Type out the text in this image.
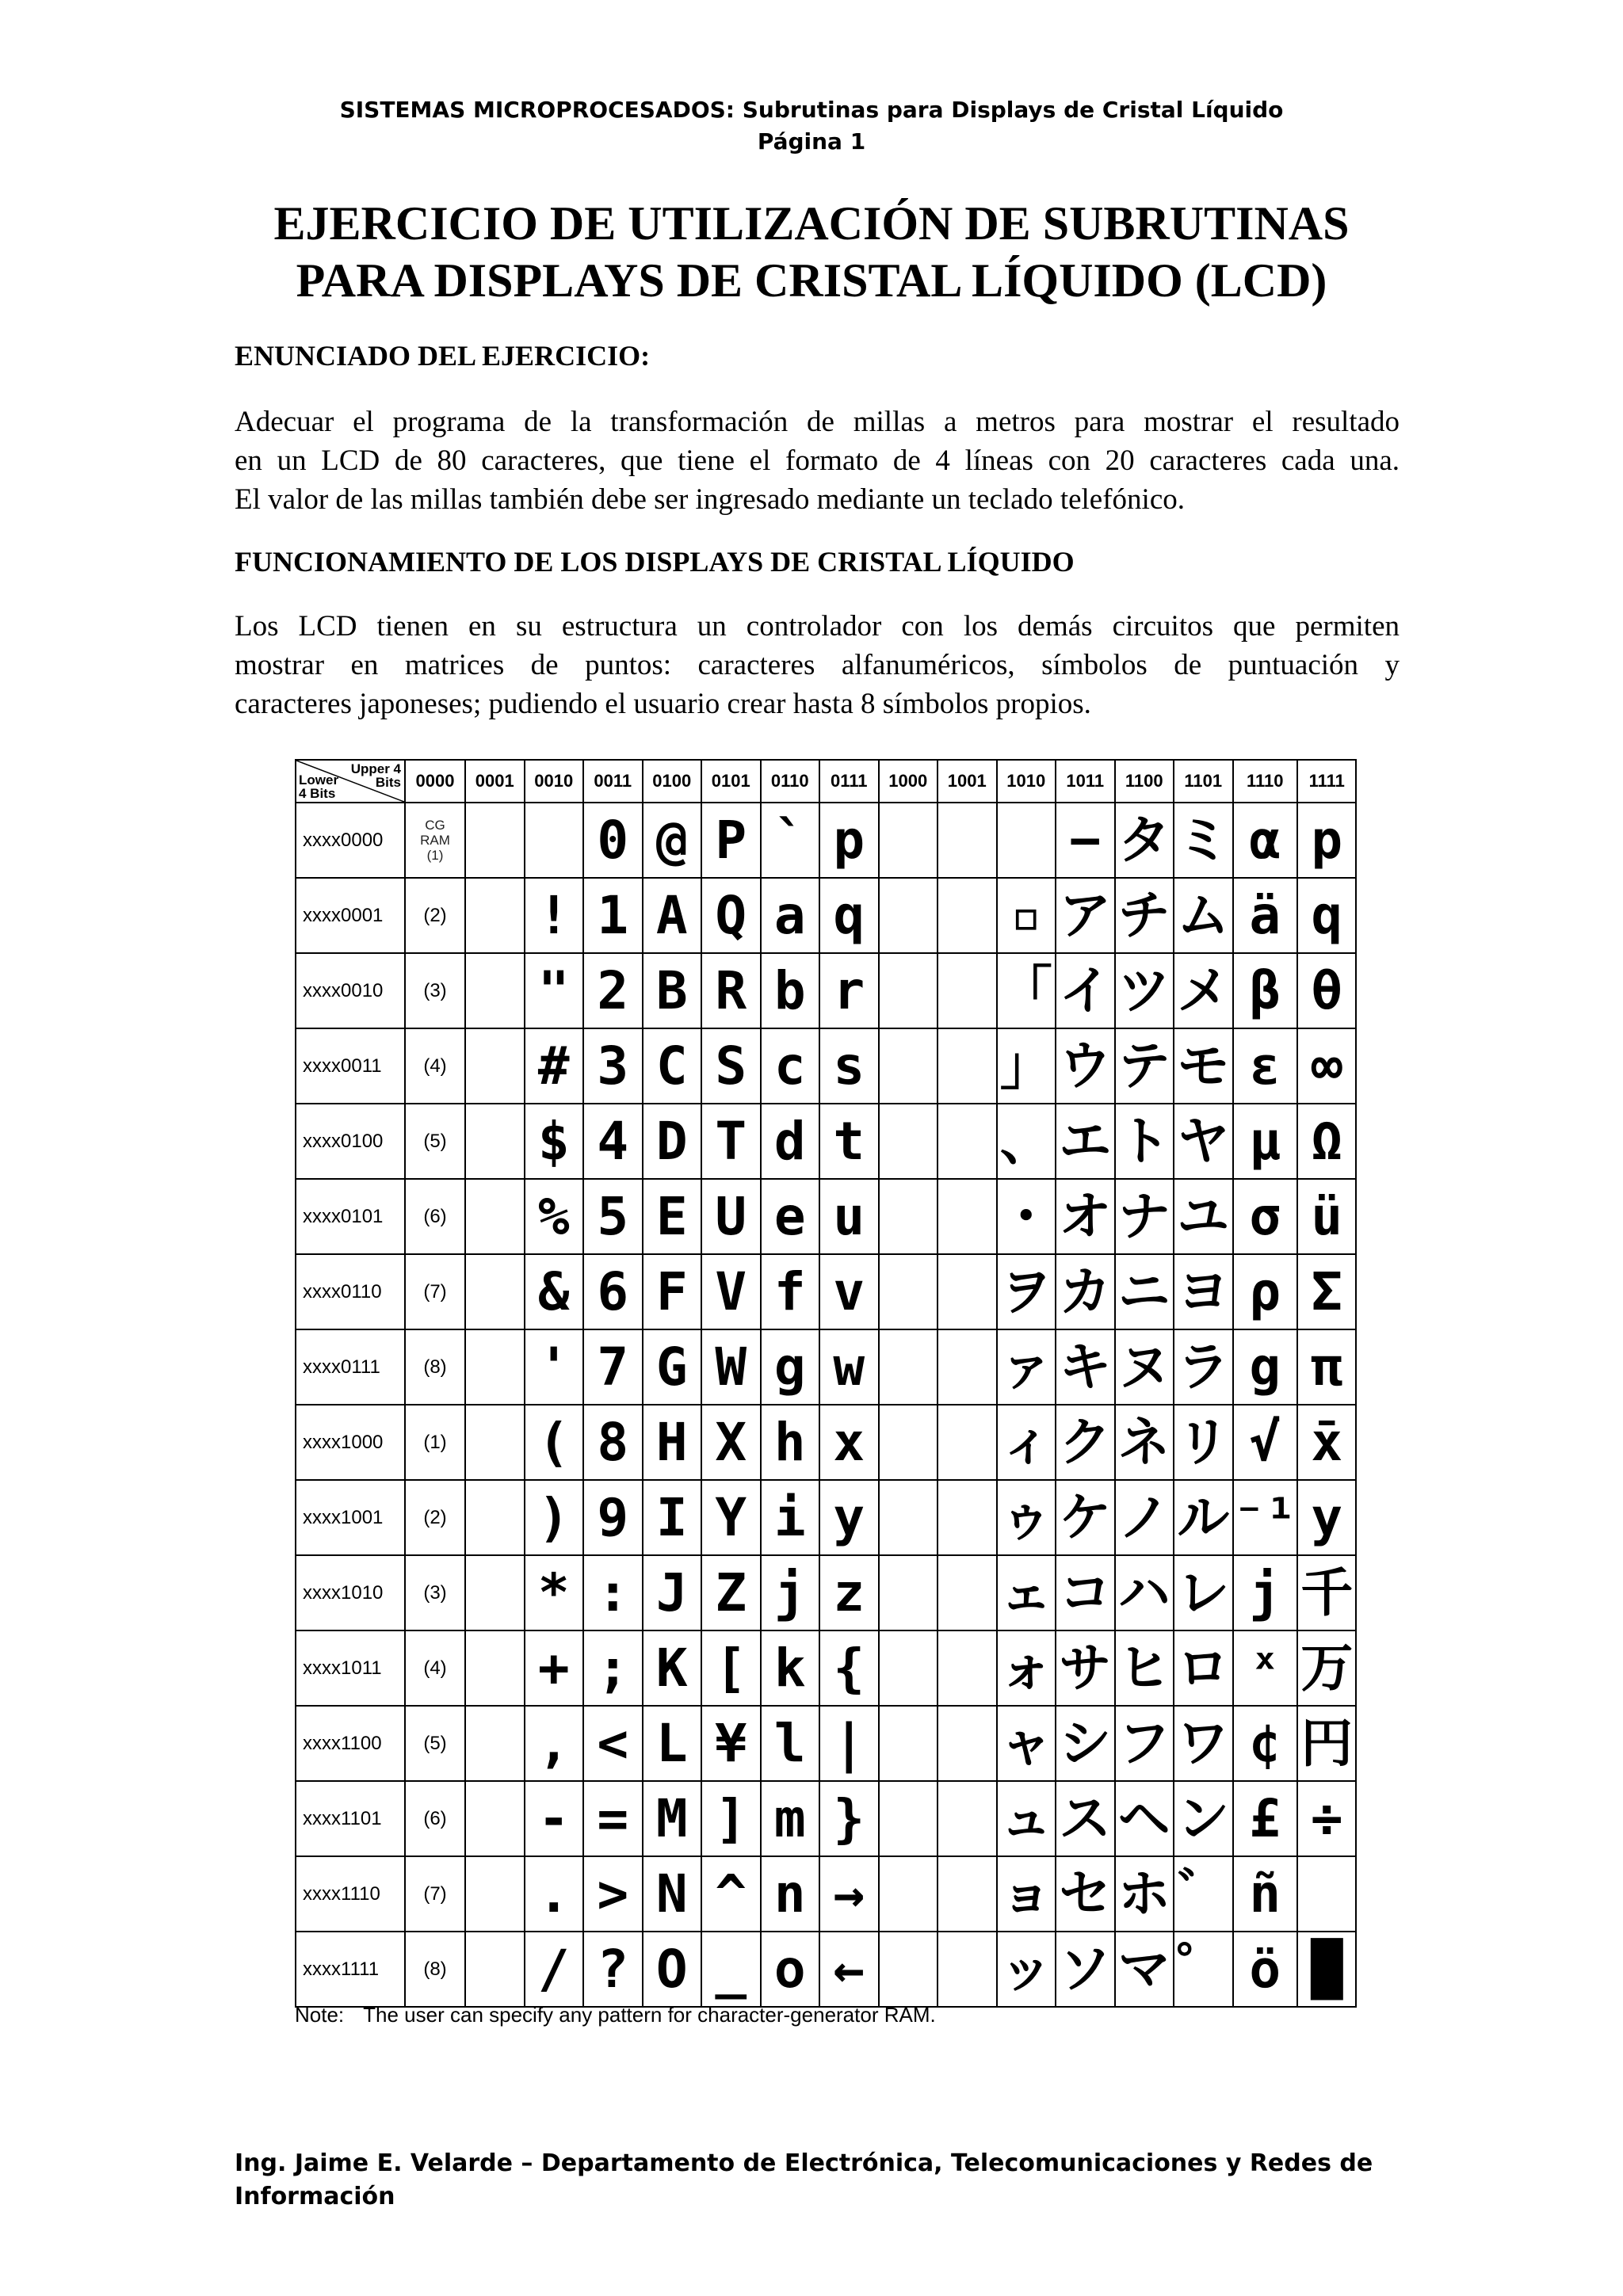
SISTEMAS MICROPROCESADOS: Subrutinas para Displays de Cristal Líquido
Página 1
EJERCICIO DE UTILIZACIÓN DE SUBRUTINAS
PARA DISPLAYS DE CRISTAL LÍQUIDO (LCD)
ENUNCIADO DEL EJERCICIO:
Adecuar el programa de la transformación de millas a metros para mostrar el resultado
en un LCD de 80 caracteres, que tiene el formato de 4 líneas con 20 caracteres cada una.
El valor de las millas también debe ser ingresado mediante un teclado telefónico.
FUNCIONAMIENTO DE LOS DISPLAYS DE CRISTAL LÍQUIDO
Los LCD tienen en su estructura un controlador con los demás circuitos que permiten
mostrar en matrices de puntos: caracteres alfanuméricos, símbolos de puntuación y
caracteres japoneses; pudiendo el usuario crear hasta 8 símbolos propios.
Upper 4
Bits
Lower
4 Bits	0000	0001	0010	0011	0100	0101	0110	0111	1000	1001	1010	1011	1100	1101	1110	1111
xxxx0000	CG
RAM
(1)			0	@	P	`	p				−	タ	ミ	α	p
xxxx0001	(2)		!	1	A	Q	a	q			▫	ア	チ	ム	ä	q
xxxx0010	(3)		"	2	B	R	b	r			「	イ	ツ	メ	β	θ
xxxx0011	(4)		#	3	C	S	c	s			」	ウ	テ	モ	ε	∞
xxxx0100	(5)		$	4	D	T	d	t			、	エ	ト	ヤ	μ	Ω
xxxx0101	(6)		%	5	E	U	e	u			・	オ	ナ	ユ	σ	ü
xxxx0110	(7)		&	6	F	V	f	v			ヲ	カ	ニ	ヨ	ρ	Σ
xxxx0111	(8)		'	7	G	W	g	w			ァ	キ	ヌ	ラ	g	π
xxxx1000	(1)		(	8	H	X	h	x			ィ	ク	ネ	リ	√	x̄
xxxx1001	(2)		)	9	I	Y	i	y			ゥ	ケ	ノ	ル	⁻¹	y
xxxx1010	(3)		*	:	J	Z	j	z			ェ	コ	ハ	レ	j	千
xxxx1011	(4)		+	;	K	[	k	{			ォ	サ	ヒ	ロ	ˣ	万
xxxx1100	(5)		,	<	L	¥	l	|			ャ	シ	フ	ワ	¢	円
xxxx1101	(6)		-	=	M	]	m	}			ュ	ス	ヘ	ン	£	÷
xxxx1110	(7)		.	>	N	^	n	→			ョ	セ	ホ	゛	ñ	
xxxx1111	(8)		/	?	O	_	o	←			ッ	ソ	マ	゜	ö	█
Note: The user can specify any pattern for character-generator RAM.
Ing. Jaime E. Velarde – Departamento de Electrónica, Telecomunicaciones y Redes de Información
